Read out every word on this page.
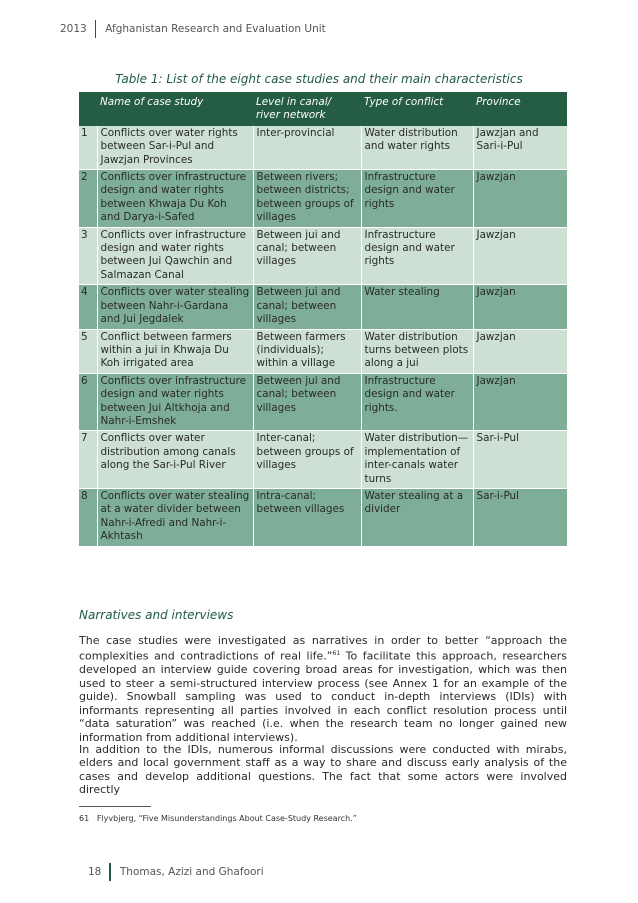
2013	Afghanistan Research and Evaluation Unit
Table 1: List of the eight case studies and their main characteristics
	Name of case study	Level in canal/ river network	Type of conflict	Province
1	Conflicts over water rights between Sar-i-Pul and Jawzjan Provinces	Inter-provincial	Water distribution and water rights	Jawzjan and Sari-i-Pul
2	Conflicts over infrastructure design and water rights between Khwaja Du Koh and Darya-i-Safed	Between rivers; between districts; between groups of villages	Infrastructure design and water rights	Jawzjan
3	Conflicts over infrastructure design and water rights between Jui Qawchin and Salmazan Canal	Between jui and canal; between villages	Infrastructure design and water rights	Jawzjan
4	Conflicts over water stealing between Nahr-i-Gardana and Jui Jegdalek	Between jui and canal; between villages	Water stealing	Jawzjan
5	Conflict between farmers within a jui in Khwaja Du Koh irrigated area	Between farmers (individuals); within a village	Water distribution turns between plots along a jui	Jawzjan
6	Conflicts over infrastructure design and water rights between Jui Altkhoja and Nahr-i-Emshek	Between jui and canal; between villages	Infrastructure design and water rights.	Jawzjan
7	Conflicts over water distribution among canals along the Sar-i-Pul River	Inter-canal; between groups of villages	Water distribution—implementation of inter-canals water turns	Sar-i-Pul
8	Conflicts over water stealing at a water divider between Nahr-i-Afredi and Nahr-i-Akhtash	Intra-canal; between villages	Water stealing at a divider	Sar-i-Pul
Narratives and interviews

The case studies were investigated as narratives in order to better “approach the complexities and contradictions of real life.”$^{61}$ To facilitate this approach, researchers developed an interview guide covering broad areas for investigation, which was then used to steer a semi-structured interview process (see Annex 1 for an example of the guide). Snowball sampling was used to conduct in-depth interviews (IDIs) with informants representing all parties involved in each conflict resolution process until “data saturation” was reached (i.e. when the research team no longer gained new information from additional interviews).

In addition to the IDIs, numerous informal discussions were conducted with mirabs, elders and local government staff as a way to share and discuss early analysis of the cases and develop additional questions. The fact that some actors were involved directly

61 Flyvbjerg, “Five Misunderstandings About Case-Study Research.”
18	Thomas, Azizi and Ghafoori
